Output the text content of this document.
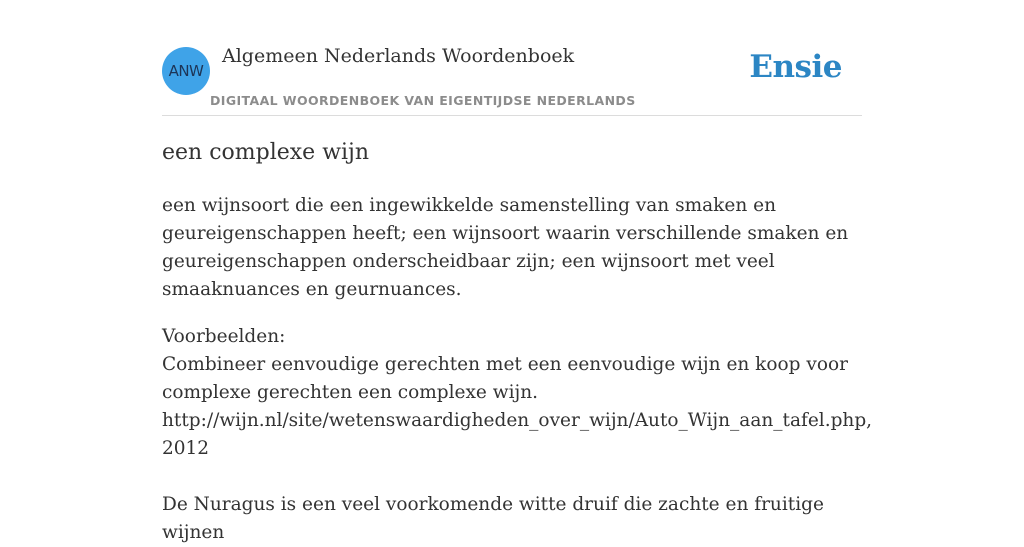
ANW
Algemeen Nederlands Woordenboek
DIGITAAL WOORDENBOEK VAN EIGENTIJDSE NEDERLANDS
Ensie
een complexe wijn

een wijnsoort die een ingewikkelde samenstelling van smaken en geureigenschappen heeft; een wijnsoort waarin verschillende smaken en geureigenschappen onderscheidbaar zijn; een wijnsoort met veel smaaknuances en geurnuances.

Voorbeelden:
Combineer eenvoudige gerechten met een eenvoudige wijn en koop voor complexe gerechten een complexe wijn.
http://wijn.nl/site/wetenswaardigheden_over_wijn/Auto_Wijn_aan_tafel.php, 2012
De Nuragus is een veel voorkomende witte druif die zachte en fruitige wijnen
